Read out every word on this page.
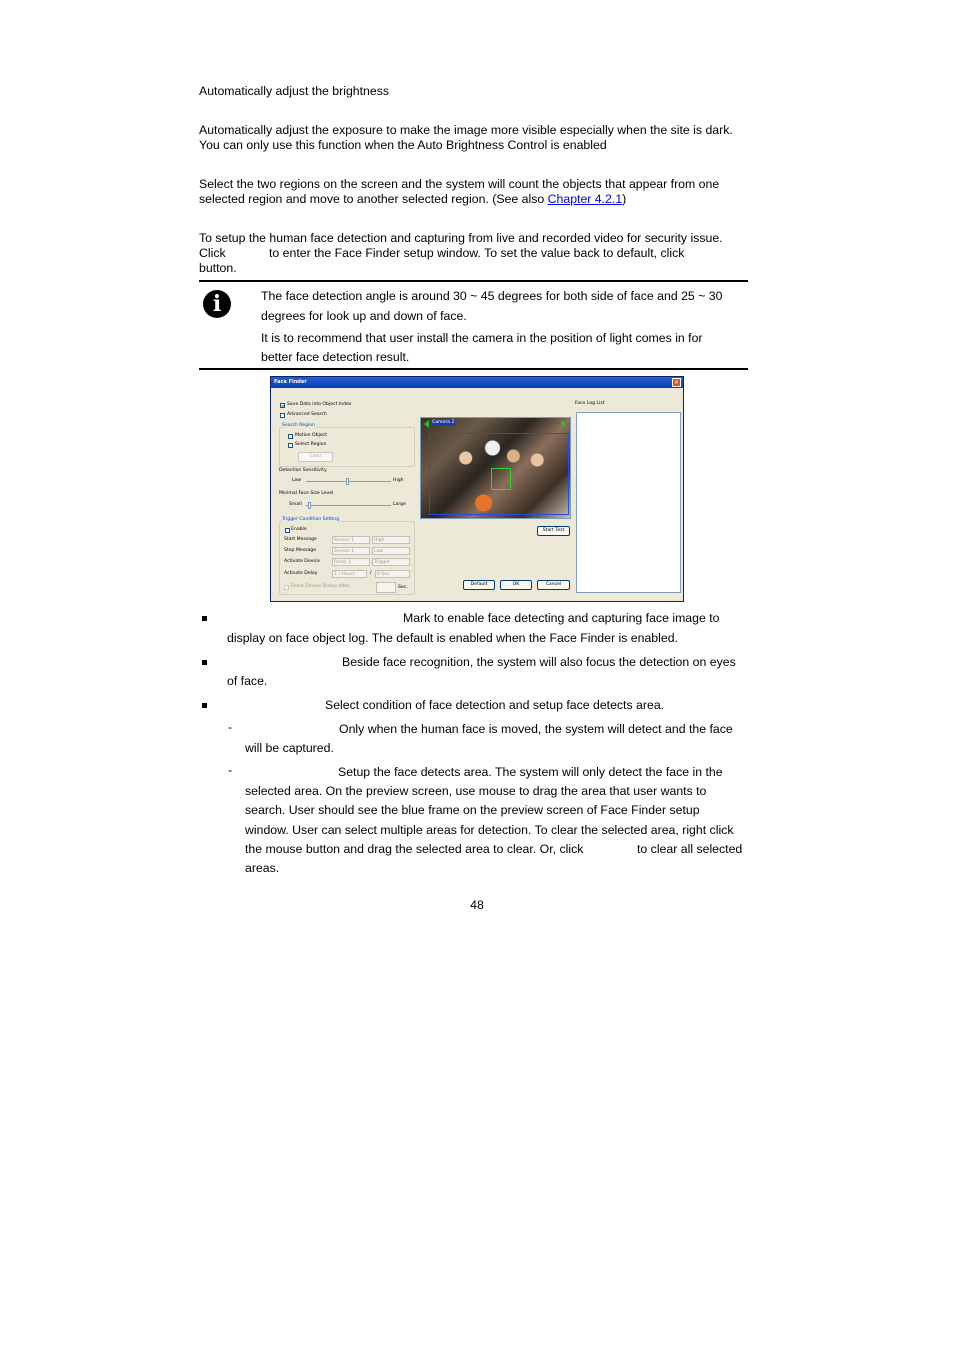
Automatically adjust the brightness

Automatically adjust the exposure to make the image more visible especially when the site is dark.

You can only use this function when the Auto Brightness Control is enabled

Select the two regions on the screen and the system will count the objects that appear from one

selected region and move to another selected region. (See also Chapter 4.2.1)

To setup the human face detection and capturing from live and recorded video for security issue.

Click	to enter the Face Finder setup window. To set the value back to default, click

button.

i	The face detection angle is around 30 ~ 45 degrees for both side of face and 25 ~ 30

degrees for look up and down of face.

It is to recommend that user install the camera in the position of light comes in for

better face detection result.

Face Finder	×
Save Data into Object Index
Advanced Search
Search Region
Motion Object
Select Region
Clear
Detection Sensitivity
Low	High
Minimal Face Size Level
Small	Large
Trigger Condition Setting
Enable
Start Message	Sensor 1	High
Stop Message	Sensor 1	Low
Activate Device	Relay 1	Trigger
Activate Delay	1 / Hours	/ 0 Sec.
Reset Device Status after	Sec.
Camera 2
Start Test
Face Log List
Default	OK	Cancel

Mark to enable face detecting and capturing face image to

display on face object log. The default is enabled when the Face Finder is enabled.

Beside face recognition, the system will also focus the detection on eyes

of face.

Select condition of face detection and setup face detects area.

-	Only when the human face is moved, the system will detect and the face

will be captured.

-	Setup the face detects area. The system will only detect the face in the

selected area. On the preview screen, use mouse to drag the area that user wants to

search. User should see the blue frame on the preview screen of Face Finder setup

window. User can select multiple areas for detection. To clear the selected area, right click

the mouse button and drag the selected area to clear. Or, click	to clear all selected

areas.

48
